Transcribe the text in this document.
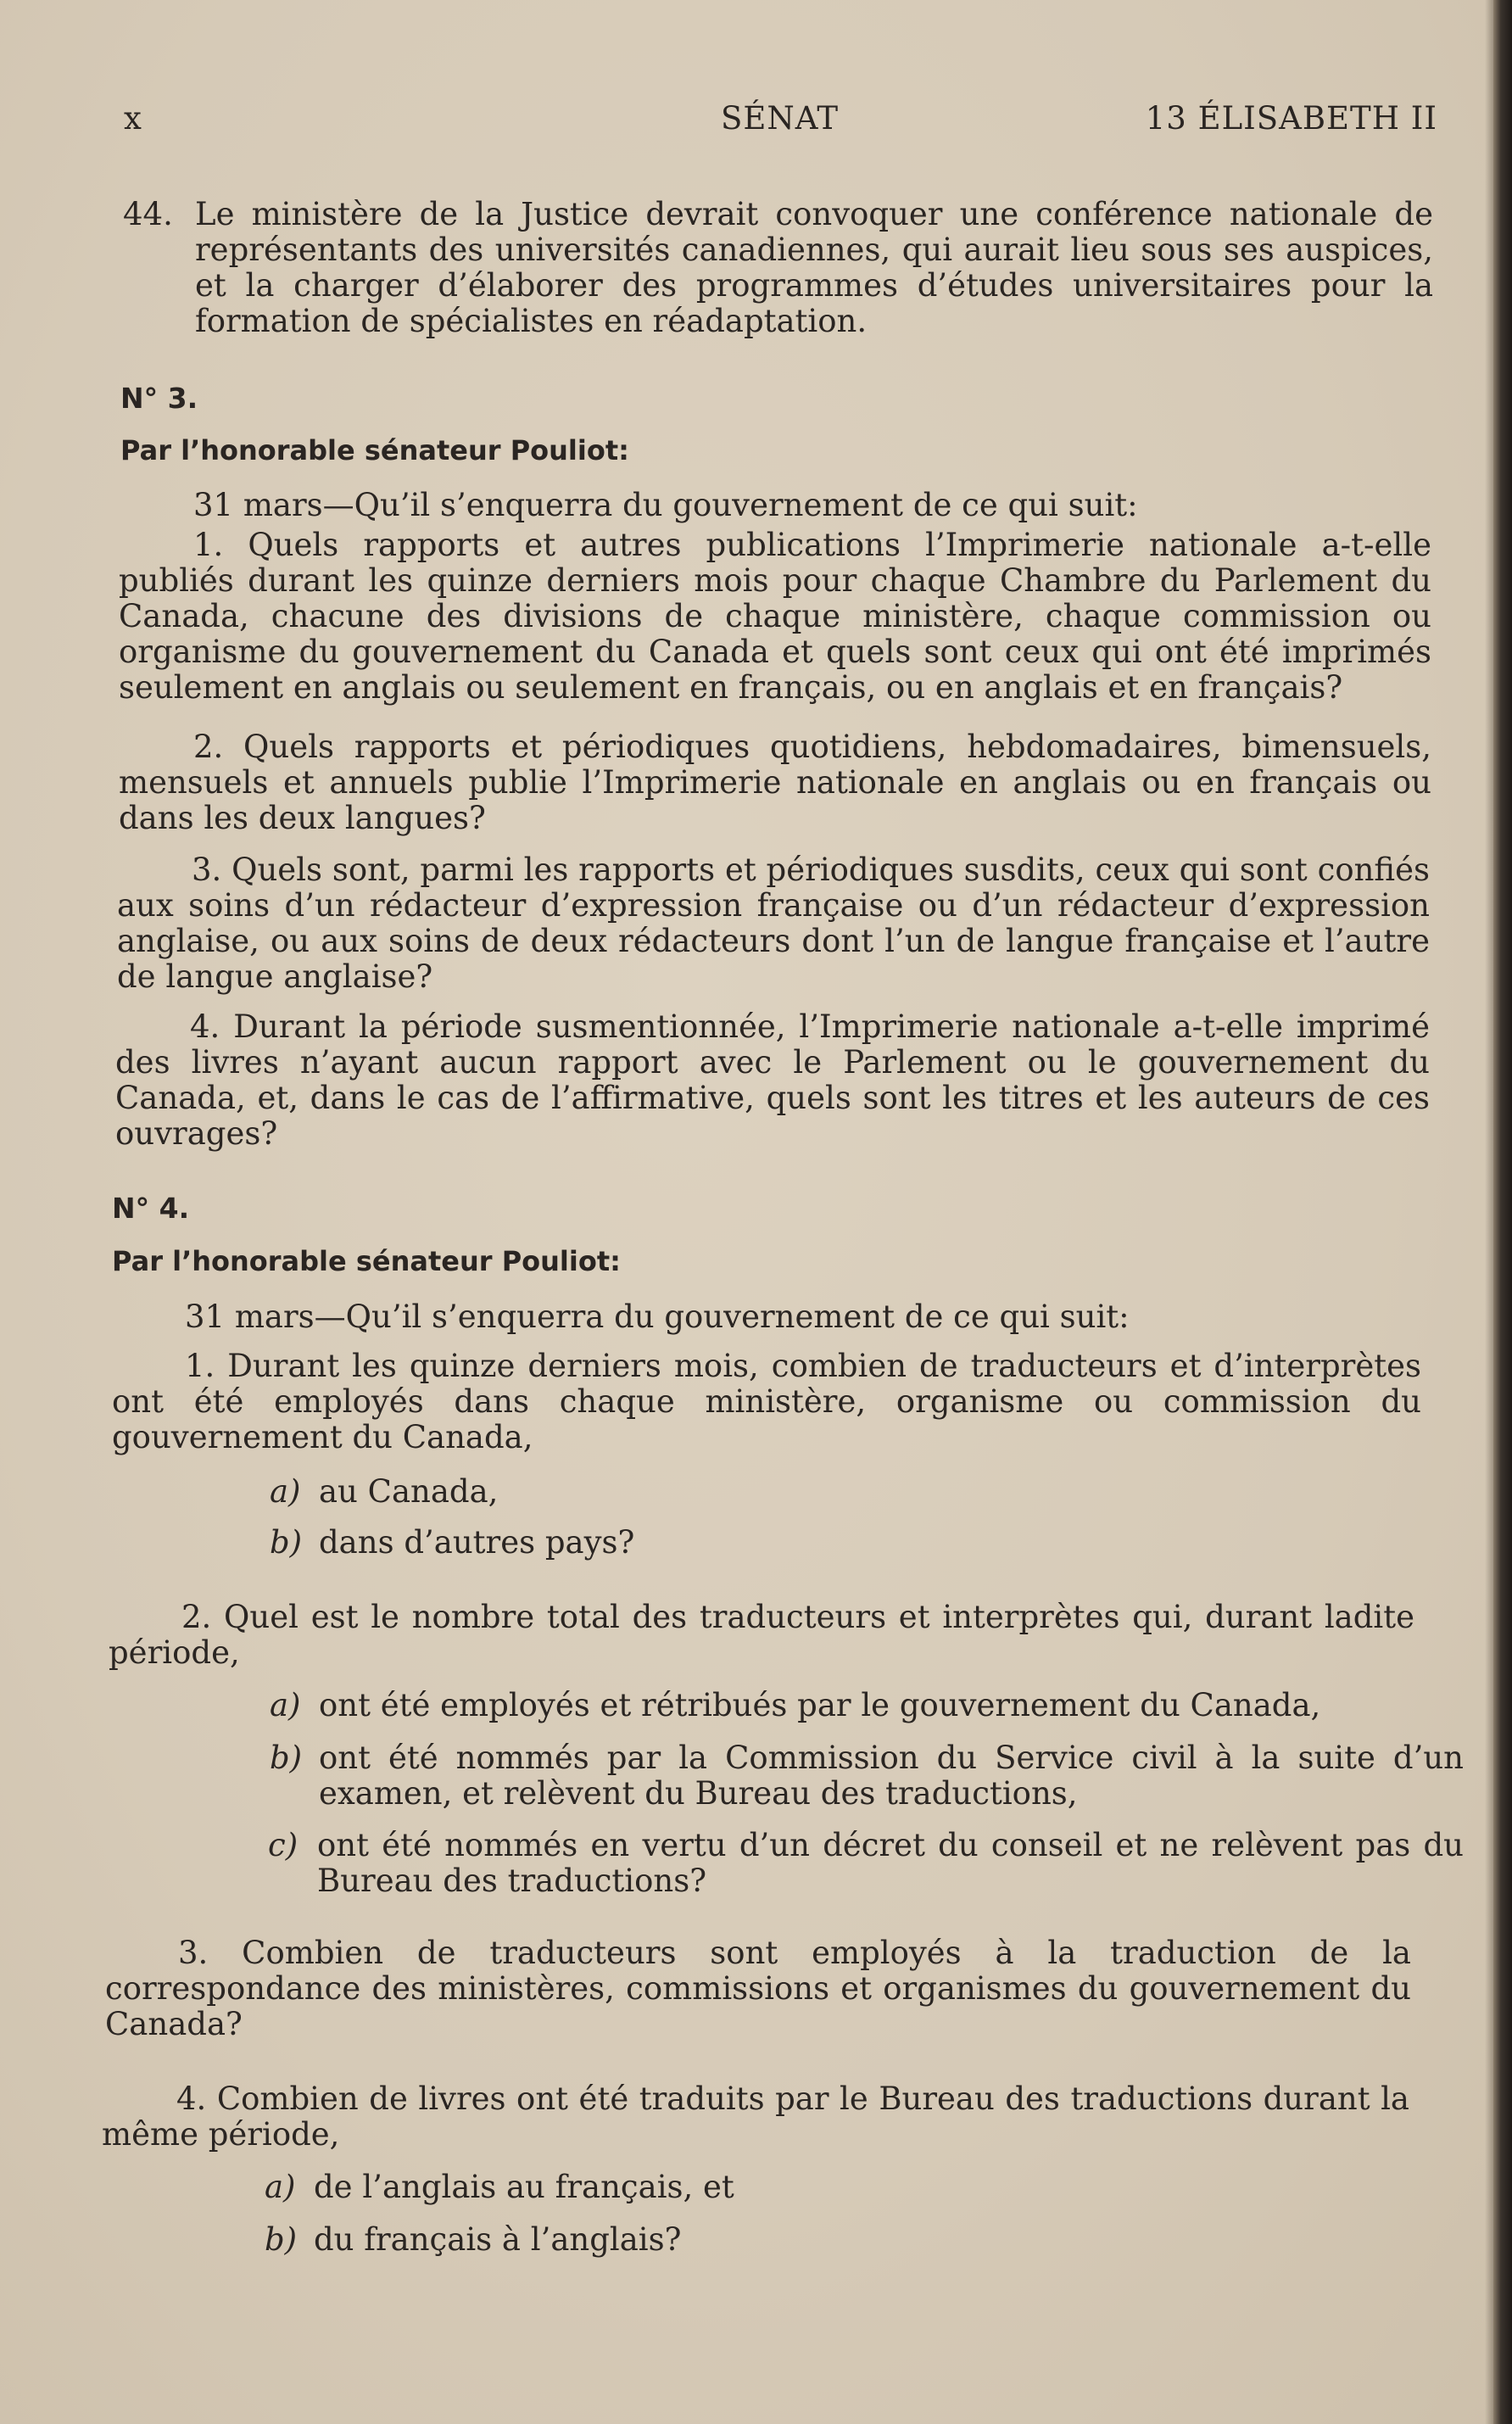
x	SÉNAT	13 ÉLISABETH II
44. Le ministère de la Justice devrait convoquer une conférence nationale de représentants des universités canadiennes, qui aurait lieu sous ses auspices, et la charger d’élaborer des programmes d’études universitaires pour la formation de spécialistes en réadaptation.
N° 3.
Par l’honorable sénateur Pouliot:
31 mars—Qu’il s’enquerra du gouvernement de ce qui suit:
1. Quels rapports et autres publications l’Imprimerie nationale a-t-elle publiés durant les quinze derniers mois pour chaque Chambre du Parlement du Canada, chacune des divisions de chaque ministère, chaque commission ou organisme du gouvernement du Canada et quels sont ceux qui ont été imprimés seulement en anglais ou seulement en français, ou en anglais et en français?
2. Quels rapports et périodiques quotidiens, hebdomadaires, bimensuels, mensuels et annuels publie l’Imprimerie nationale en anglais ou en français ou dans les deux langues?
3. Quels sont, parmi les rapports et périodiques susdits, ceux qui sont confiés aux soins d’un rédacteur d’expression française ou d’un rédacteur d’expression anglaise, ou aux soins de deux rédacteurs dont l’un de langue française et l’autre de langue anglaise?
4. Durant la période susmentionnée, l’Imprimerie nationale a-t-elle imprimé des livres n’ayant aucun rapport avec le Parlement ou le gouvernement du Canada, et, dans le cas de l’affirmative, quels sont les titres et les auteurs de ces ouvrages?
N° 4.
Par l’honorable sénateur Pouliot:
31 mars—Qu’il s’enquerra du gouvernement de ce qui suit:
1. Durant les quinze derniers mois, combien de traducteurs et d’interprètes ont été employés dans chaque ministère, organisme ou commission du gouvernement du Canada,
a) au Canada,
b) dans d’autres pays?
2. Quel est le nombre total des traducteurs et interprètes qui, durant ladite période,
a) ont été employés et rétribués par le gouvernement du Canada,
b) ont été nommés par la Commission du Service civil à la suite d’un examen, et relèvent du Bureau des traductions,
c) ont été nommés en vertu d’un décret du conseil et ne relèvent pas du Bureau des traductions?
3. Combien de traducteurs sont employés à la traduction de la correspondance des ministères, commissions et organismes du gouvernement du Canada?
4. Combien de livres ont été traduits par le Bureau des traductions durant la même période,
a) de l’anglais au français, et
b) du français à l’anglais?
